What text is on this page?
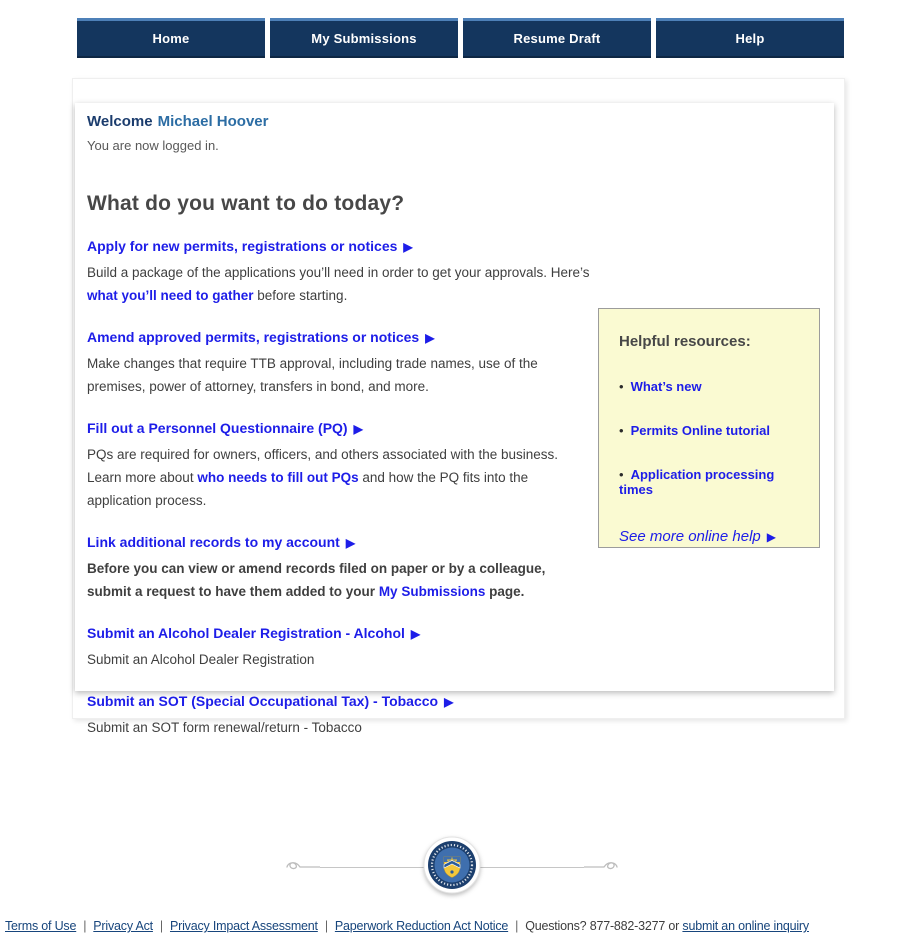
Home	My Submissions	Resume Draft	Help
Welcome Michael Hoover
You are now logged in.
What do you want to do today?
Apply for new permits, registrations or notices ▶
Build a package of the applications you’ll need in order to get your approvals. Here’s what you’ll need to gather before starting.
Amend approved permits, registrations or notices ▶
Make changes that require TTB approval, including trade names, use of the premises, power of attorney, transfers in bond, and more.
Fill out a Personnel Questionnaire (PQ) ▶
PQs are required for owners, officers, and others associated with the business. Learn more about who needs to fill out PQs and how the PQ fits into the application process.
Link additional records to my account ▶
Before you can view or amend records filed on paper or by a colleague, submit a request to have them added to your My Submissions page.
Submit an Alcohol Dealer Registration - Alcohol ▶
Submit an Alcohol Dealer Registration
Submit an SOT (Special Occupational Tax) - Tobacco ▶
Submit an SOT form renewal/return - Tobacco
Helpful resources:
• What’s new
• Permits Online tutorial
• Application processing times
See more online help ▶
Terms of Use | Privacy Act | Privacy Impact Assessment | Paperwork Reduction Act Notice | Questions? 877-882-3277 or submit an online inquiry
